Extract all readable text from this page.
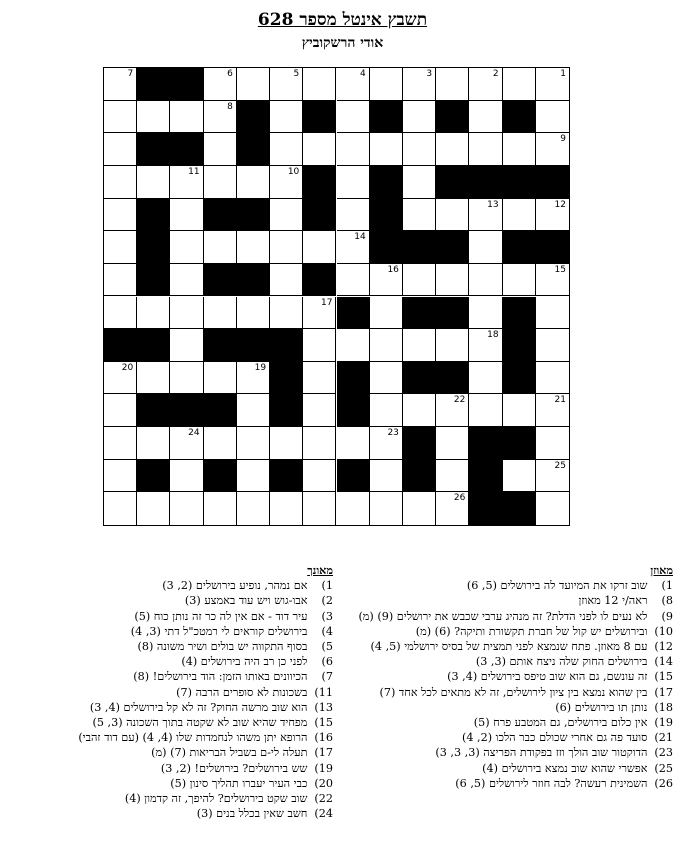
תשבץ אינטל מספר 628
אודי הרשקוביץ
7	6	5	4	3	2	1
8
9
11	10
13	12
14
16	15
17
18
20	19
22	21
24	23
25
26
מאוזן
1) שוב זרקו את המיועד לה בירושלים (5, 6)
8) ראה/י 12 מאוזן
9) לא נעים לו לפני הדלת? זה מנהיג ערבי שכבש את ירושלים (9) (מ)
10) ובירושלים יש קול של חברת תקשורת ותיקה? (6) (מ)
12) עם 8 מאוזן. פתח שנמצא לפני תמצית של בסיס ירושלמי (5, 4)
14) בירושלים החוק שלה ניצח אותם (3, 3)
15) זה עונשם, גם הוא שוב טיפס בירושלים (4, 3)
17) בין שהוא נמצא בין ציון לירושלים, זה לא מתאים לכל אחד (7)
18) נותן תו בירושלים (6)
19) אין כלום בירושלים, גם המטבע פרח (5)
21) סועד פה גם אחרי שכולם כבר הלכו (2, 4)
23) הדוקטור שוב הולך וזז בפקודת הפריצה (3, 3, 3)
25) אפשרי שהוא שוב נמצא בירושלים (4)
26) השמינית רעשה? לבה חוזר לירושלים (5, 6)
מאונך
1) אם נמהר, נופיע בירושלים (2, 3)
2) אבו-גוש ויש עוד באמצע (3)
3) עיר דוד - אם אין לה כר זה נותן כוח (5)
4) בירושלים קוראים לי רמטכ"ל דתי (3, 4)
5) בסוף התקווה יש בולים ושיר משונה (8)
6) לפני כן רב היה בירושלים (4)
7) הכיוונים באותו הזמן: הוד בירושלים! (8)
11) בשכונות לא סופרים הרבה (7)
13) הוא שוב מרשה החוק? זה לא קל בירושלים (4, 3)
15) מפחיד שהיא שוב לא שקטה בתוך השכונה (3, 5)
16) הרופא יתן משהו לנחמדות שלו (4, 4) (עם דוד זהבי)
17) תעלה לי-ם בשביל הבריאות (7) (מ)
19) שש בירושלים? בירושלים! (2, 3)
20) כבי העיר יעברו תהליך סינון (5)
22) שוב שקט בירושלים? להיפך, זה קדמון (4)
24) חשב שאין בכלל בנים (3)
